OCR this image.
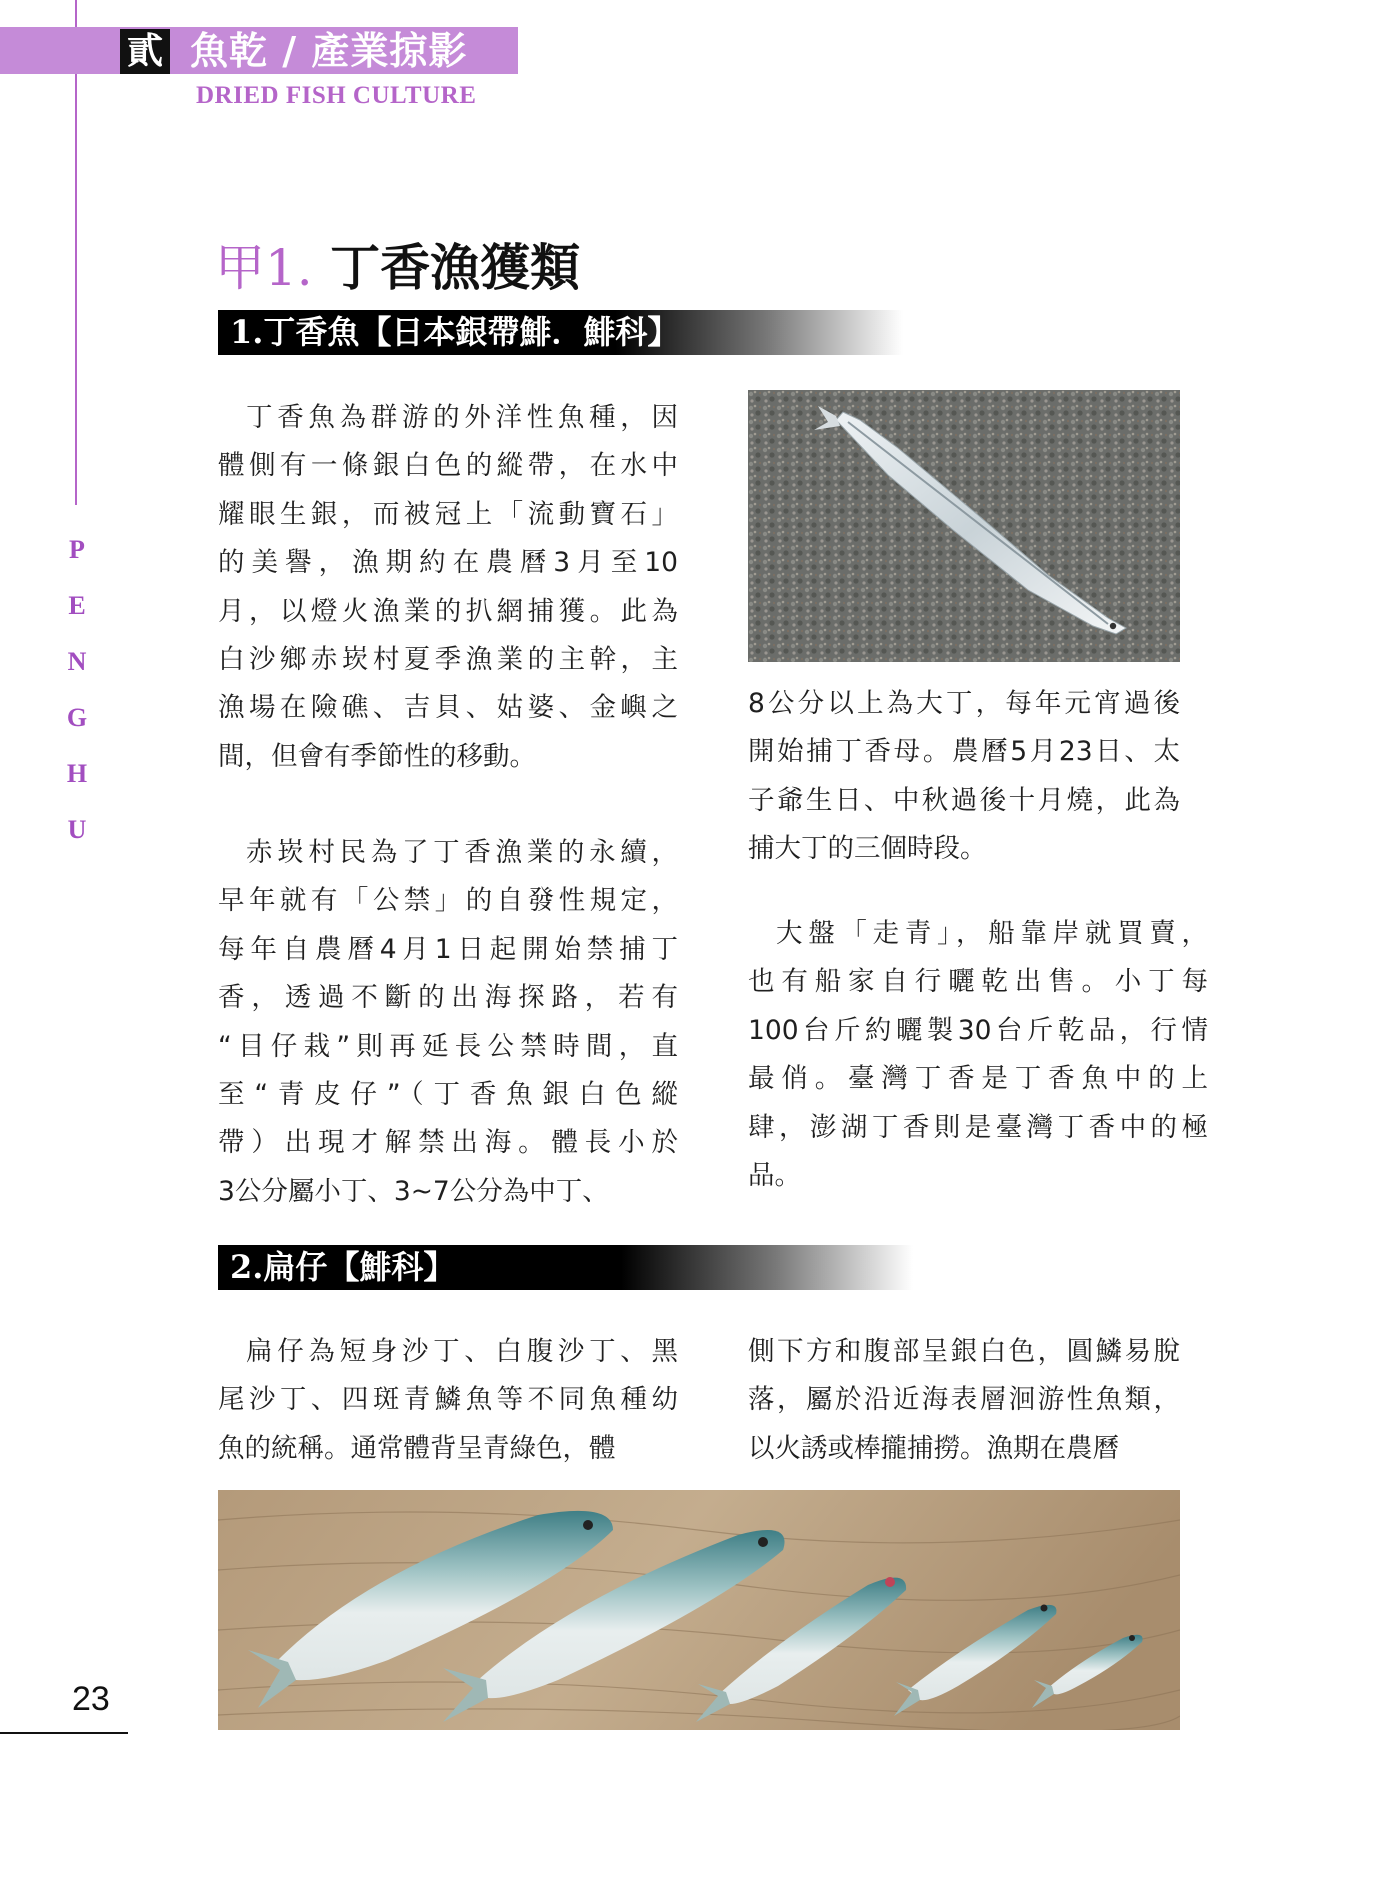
貳 魚乾 / 產業掠影
DRIED FISH CULTURE
P
E
N
G
H
U
甲1. 丁香漁獲類
1.丁香魚【日本銀帶鯡．鯡科】
丁香魚為群游的外洋性魚種，因
體側有一條銀白色的縱帶，在水中
耀眼生銀，而被冠上「流動寶石」
的美譽，漁期約在農曆3月至10
月，以燈火漁業的扒網捕獲。此為
白沙鄉赤崁村夏季漁業的主幹，主
漁場在險礁、吉貝、姑婆、金嶼之
間，但會有季節性的移動。
赤崁村民為了丁香漁業的永續，
早年就有「公禁」的自發性規定，
每年自農曆4月1日起開始禁捕丁
香，透過不斷的出海探路，若有
“目仔栽”則再延長公禁時間，直
至“青皮仔”（丁香魚銀白色縱
帶）出現才解禁出海。體長小於
3公分屬小丁、3~7公分為中丁、
8公分以上為大丁，每年元宵過後
開始捕丁香母。農曆5月23日、太
子爺生日、中秋過後十月燒，此為
捕大丁的三個時段。
大盤「走青」，船靠岸就買賣，
也有船家自行曬乾出售。小丁每
100台斤約曬製30台斤乾品，行情
最俏。臺灣丁香是丁香魚中的上
肆，澎湖丁香則是臺灣丁香中的極
品。
2.扁仔【鯡科】
扁仔為短身沙丁、白腹沙丁、黑
尾沙丁、四斑青鱗魚等不同魚種幼
魚的統稱。通常體背呈青綠色，體
側下方和腹部呈銀白色，圓鱗易脫
落，屬於沿近海表層洄游性魚類，
以火誘或棒攏捕撈。漁期在農曆
23
